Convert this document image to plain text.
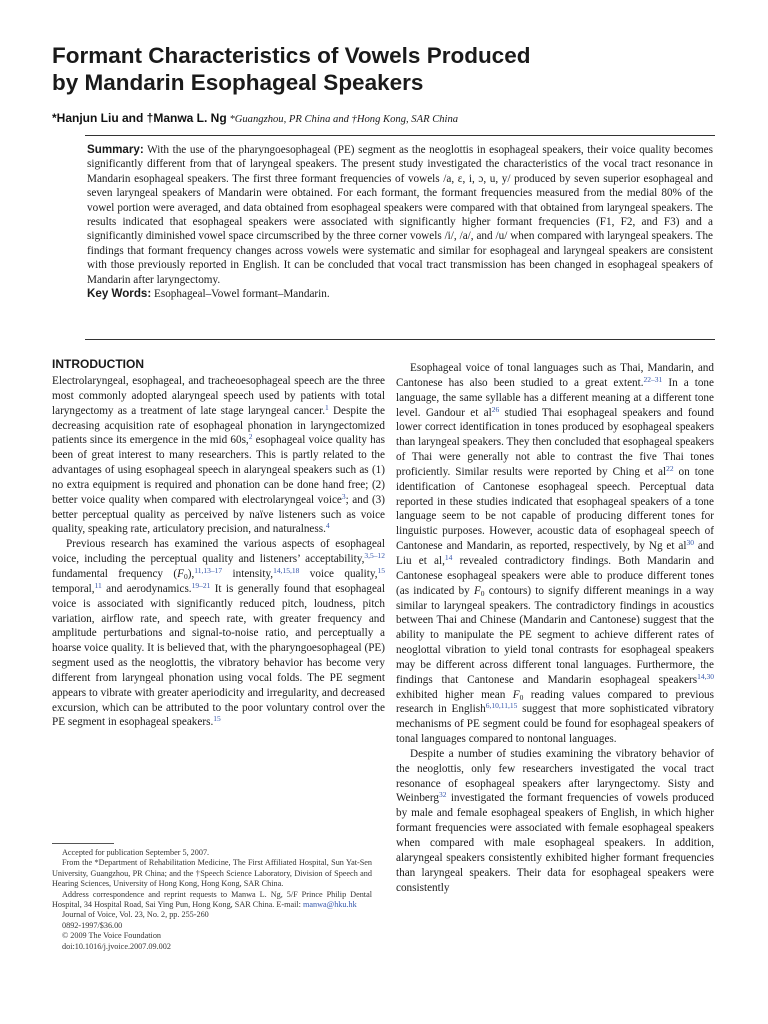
Formant Characteristics of Vowels Produced
by Mandarin Esophageal Speakers
*Hanjun Liu and †Manwa L. Ng *Guangzhou, PR China and †Hong Kong, SAR China
Summary: With the use of the pharyngoesophageal (PE) segment as the neoglottis in esophageal speakers, their voice quality becomes significantly different from that of laryngeal speakers. The present study investigated the characteristics of the vocal tract resonance in Mandarin esophageal speakers. The first three formant frequencies of vowels /a, ε, i, ɔ, u, y/ produced by seven superior esophageal and seven laryngeal speakers of Mandarin were obtained. For each formant, the formant frequencies measured from the medial 80% of the vowel portion were averaged, and data obtained from esophageal speakers were compared with that obtained from laryngeal speakers. The results indicated that esophageal speakers were associated with significantly higher formant frequencies (F1, F2, and F3) and a significantly diminished vowel space circumscribed by the three corner vowels /i/, /a/, and /u/ when compared with laryngeal speakers. The findings that formant frequency changes across vowels were systematic and similar for esophageal and laryngeal speakers are consistent with those previously reported in English. It can be concluded that vocal tract transmission has been changed in esophageal speakers of Mandarin after laryngectomy.
Key Words: Esophageal–Vowel formant–Mandarin.
INTRODUCTION

Electrolaryngeal, esophageal, and tracheoesophageal speech are the three most commonly adopted alaryngeal speech used by patients with total laryngectomy as a treatment of late stage laryngeal cancer.$^1$ Despite the decreasing acquisition rate of esophageal phonation in laryngectomized patients since its emergence in the mid 60s,$^2$ esophageal voice quality has been of great interest to many researchers. This is partly related to the advantages of using esophageal speech in alaryngeal speakers such as (1) no extra equipment is required and phonation can be done hand free; (2) better voice quality when compared with electrolaryngeal voice$^3$; and (3) better perceptual quality as perceived by naïve listeners such as voice quality, speaking rate, articulatory precision, and naturalness.$^4$

Previous research has examined the various aspects of esophageal voice, including the perceptual quality and listeners’ acceptability,$^{3,5-12}$ fundamental frequency $(F_0),^{11,13-17}$ intensity,$^{14,15,18}$ voice quality,$^{15}$ temporal,$^{11}$ and aerodynamics.$^{19-21}$ It is generally found that esophageal voice is associated with significantly reduced pitch, loudness, pitch variation, airflow rate, and speech rate, with greater frequency and amplitude perturbations and signal-to-noise ratio, and perceptually a hoarse voice quality. It is believed that, with the pharyngoesophageal (PE) segment used as the neoglottis, the vibratory behavior has become very different from laryngeal phonation using vocal folds. The PE segment appears to vibrate with greater aperiodicity and irregularity, and decreased excursion, which can be attributed to the poor voluntary control over the PE segment in esophageal speakers.$^{15}$

Esophageal voice of tonal languages such as Thai, Mandarin, and Cantonese has also been studied to a great extent.$^{22-31}$ In a tone language, the same syllable has a different meaning at a different tone level. Gandour et $al^{26}$ studied Thai esophageal speakers and found lower correct identification in tones produced by esophageal speakers than laryngeal speakers. They then concluded that esophageal speakers of Thai were generally not able to contrast the five Thai tones proficiently. Similar results were reported by Ching et $al^{22}$ on tone identification of Cantonese esophageal speech. Perceptual data reported in these studies indicated that esophageal speakers of a tone language seem to be not capable of producing different tones for linguistic purposes. However, acoustic data of esophageal speech of Cantonese and Mandarin, as reported, respectively, by Ng et $al^{30}$ and Liu et al,$^{14}$ revealed contradictory findings. Both Mandarin and Cantonese esophageal speakers were able to produce different tones (as indicated by $F_0$ contours) to signify different meanings in a way similar to laryngeal speakers. The contradictory findings in acoustics between Thai and Chinese (Mandarin and Cantonese) suggest that the ability to manipulate the PE segment to achieve different rates of neoglottal vibration to yield tonal contrasts for esophageal speakers may be different across different tonal languages. Furthermore, the findings that Cantonese and Mandarin esophageal speakers$^{14,30}$ exhibited higher mean $F_0$ reading values compared to previous research in English$^{6,10,11,15}$ suggest that more sophisticated vibratory mechanisms of PE segment could be found for esophageal speakers of tonal languages compared to nontonal languages.

Despite a number of studies examining the vibratory behavior of the neoglottis, only few researchers investigated the vocal tract resonance of esophageal speakers after laryngectomy. Sisty and Weinberg$^{32}$ investigated the formant frequencies of vowels produced by male and female esophageal speakers of English, in which higher formant frequencies were associated with female esophageal speakers when compared with male esophageal speakers. In addition, alaryngeal speakers consistently exhibited higher formant frequencies than laryngeal speakers. Their data for esophageal speakers were consistently

Accepted for publication September 5, 2007.

From the *Department of Rehabilitation Medicine, The First Affiliated Hospital, Sun Yat-Sen University, Guangzhou, PR China; and the †Speech Science Laboratory, Division of Speech and Hearing Sciences, University of Hong Kong, Hong Kong, SAR China.

Address correspondence and reprint requests to Manwa L. Ng, 5/F Prince Philip Dental Hospital, 34 Hospital Road, Sai Ying Pun, Hong Kong, SAR China. E-mail: manwa@hku.hk

Journal of Voice, Vol. 23, No. 2, pp. 255-260

0892-1997/$36.00

© 2009 The Voice Foundation

doi:10.1016/j.jvoice.2007.09.002
